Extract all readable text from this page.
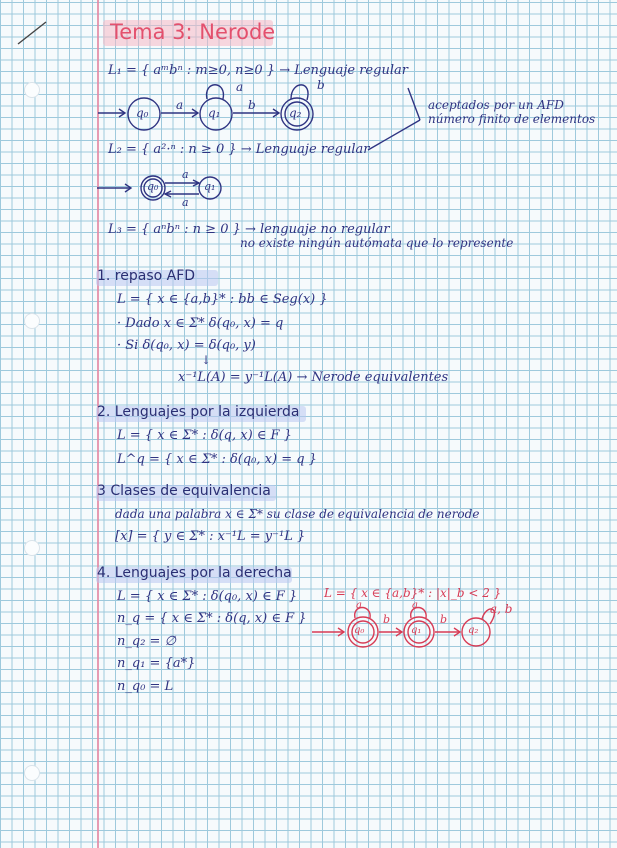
Tema 3: Nerode
L₁ = { aᵐbⁿ : m≥0, n≥0 } → Lenguaje regular
q₀	q₁	q₂
a	b
a	b
aceptados por un AFD
número finito de elementos
L₂ = { a²·ⁿ : n ≥ 0 } → Lenguaje regular
q₀	q₁
a
a
L₃ = { aⁿbⁿ : n ≥ 0 } → lenguaje no regular
no existe ningún autómata que lo represente
1. repaso AFD
L = { x ∈ {a,b}* : bb ∈ Seg(x) }
· Dado x ∈ Σ* δ(q₀, x) = q
· Si δ(q₀, x) = δ(q₀, y)
↓
x⁻¹L(A) = y⁻¹L(A) → Nerode equivalentes
2. Lenguajes por la izquierda
L = { x ∈ Σ* : δ(q, x) ∈ F }
L^q = { x ∈ Σ* : δ(q₀, x) = q }
3 Clases de equivalencia
dada una palabra x ∈ Σ* su clase de equivalencia de nerode
[x] = { y ∈ Σ* : x⁻¹L = y⁻¹L }
4. Lenguajes por la derecha
L = { x ∈ Σ* : δ(q₀, x) ∈ F }
n_q = { x ∈ Σ* : δ(q, x) ∈ F }
n_q₂ = ∅
n_q₁ = {a*}
n_q₀ = L
L = { x ∈ {a,b}* : |x|_b < 2 }
q₀	q₁	q₂
b	b
a	a	a, b
